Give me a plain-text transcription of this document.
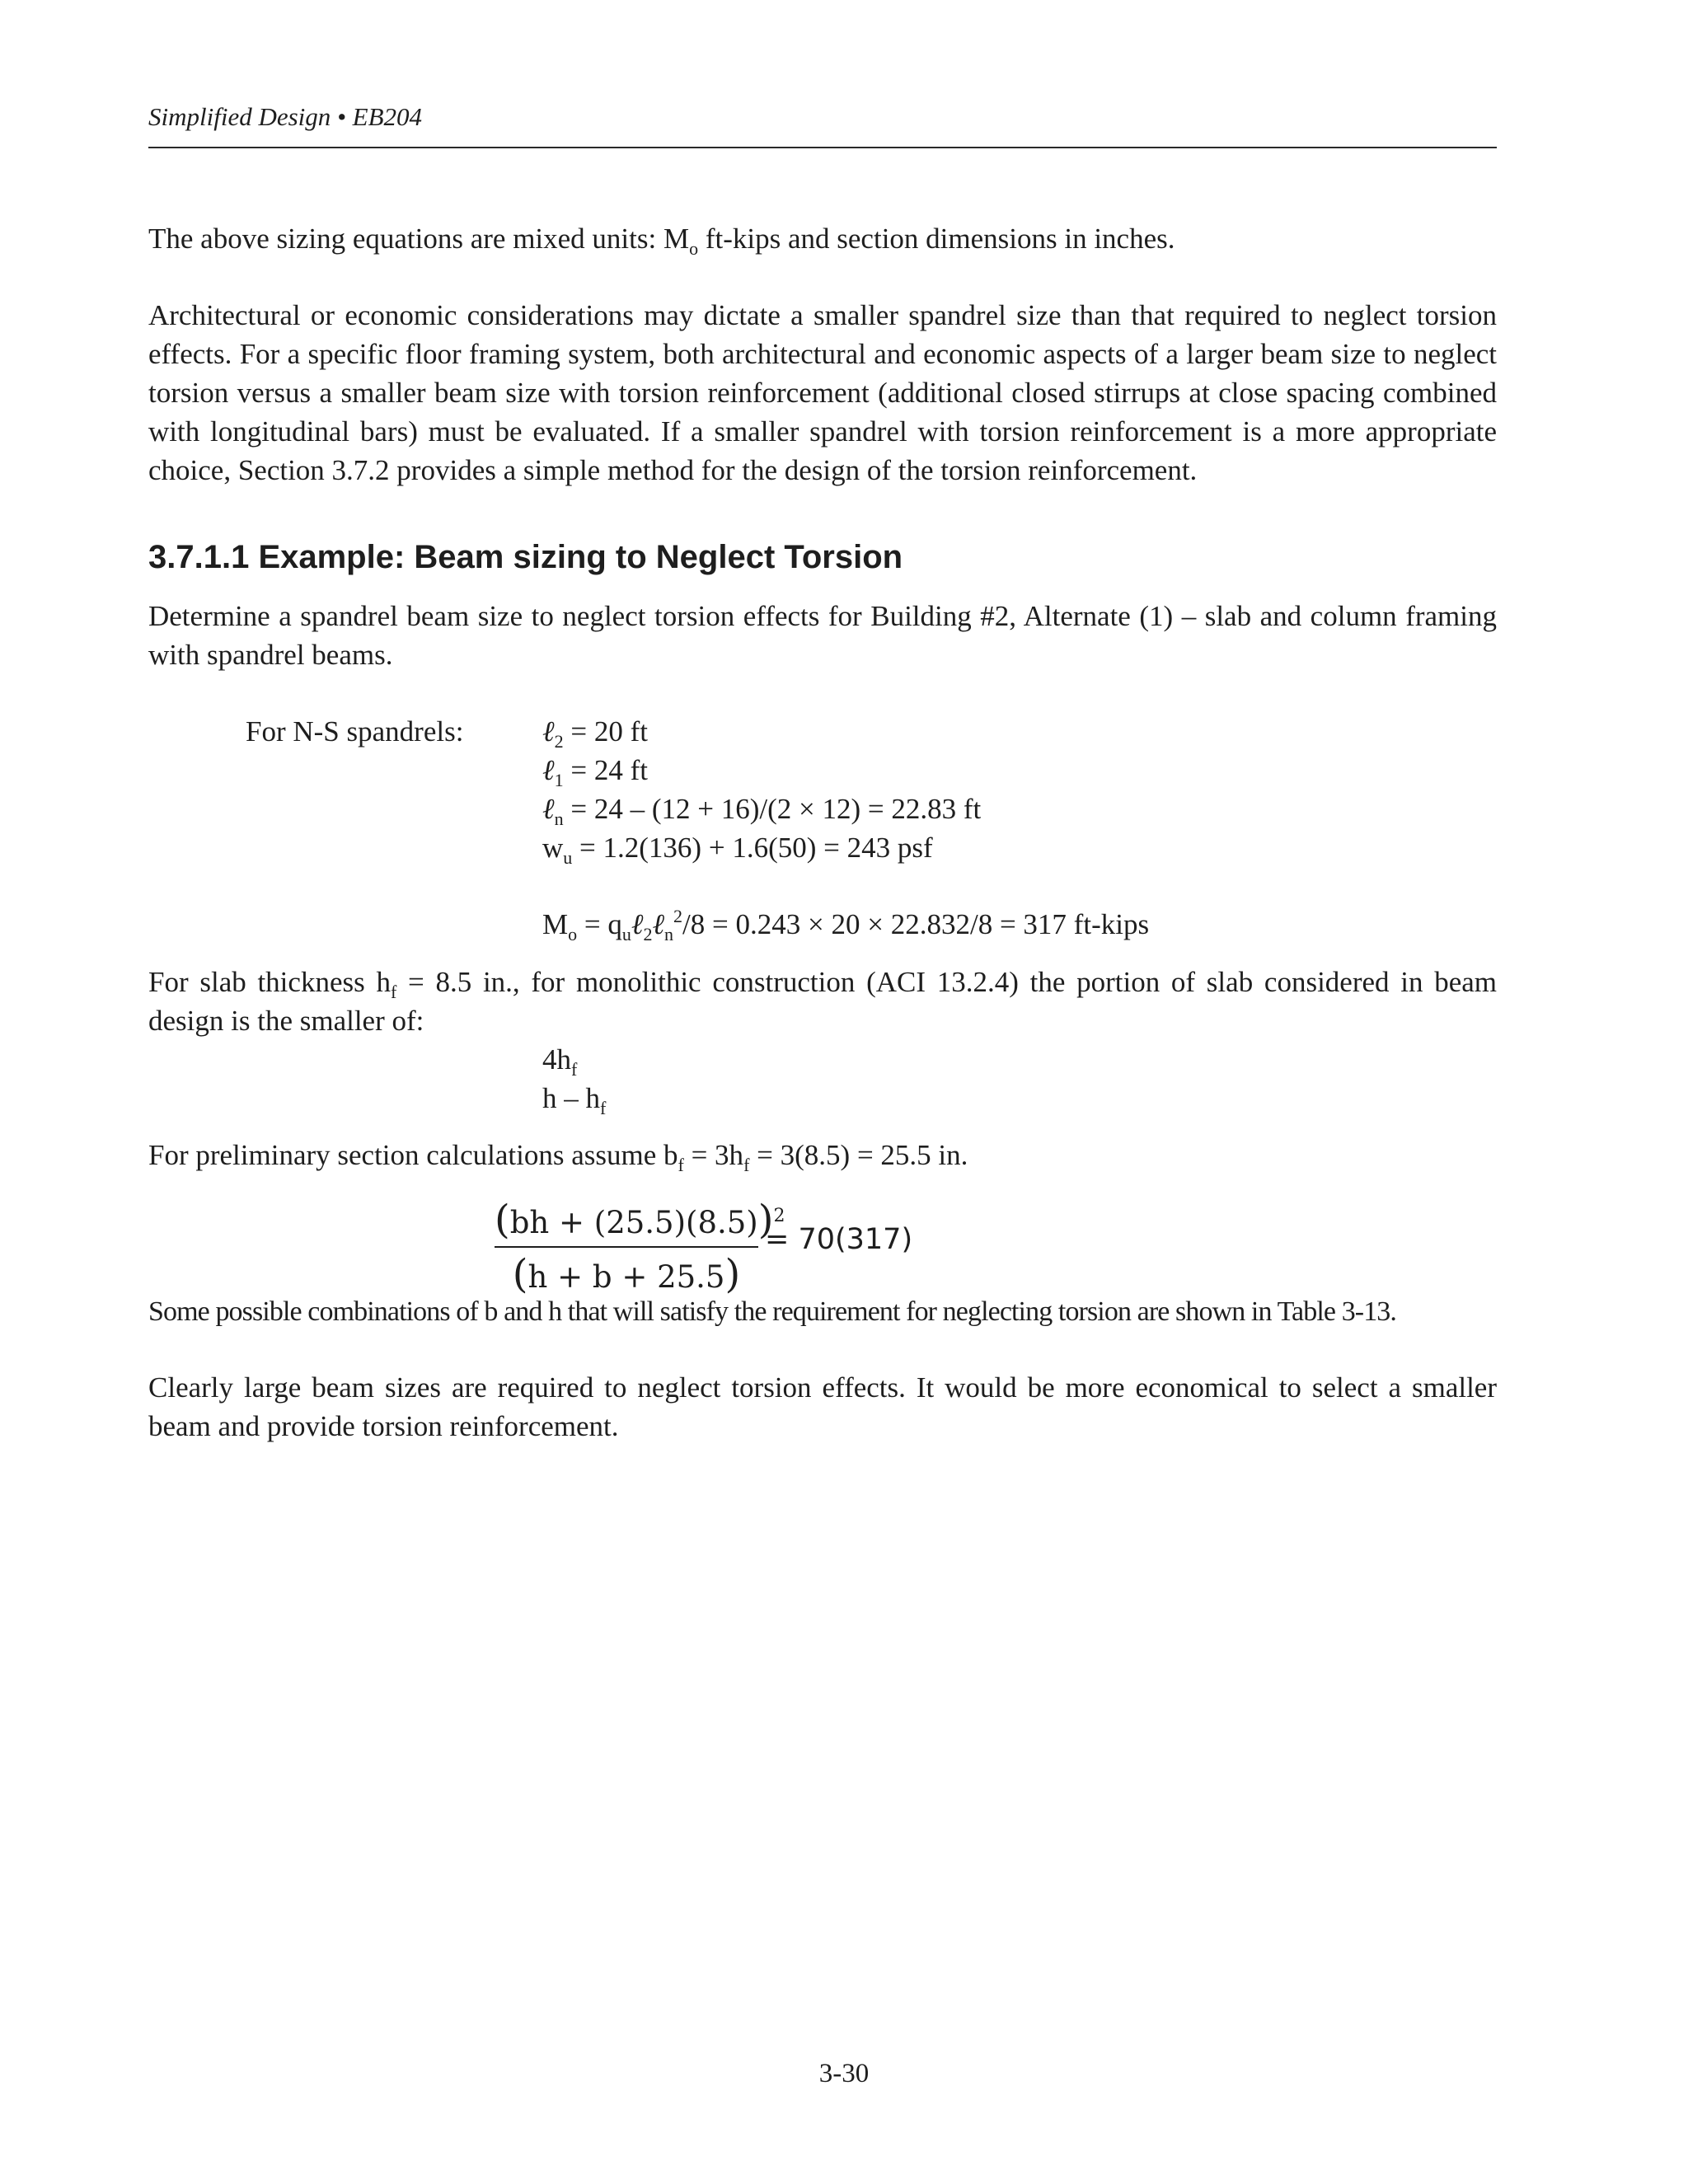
Simplified Design • EB204
The above sizing equations are mixed units: $M_o$ ft-kips and section dimensions in inches.
Architectural or economic considerations may dictate a smaller spandrel size than that required to neglect torsion effects. For a specific floor framing system, both architectural and economic aspects of a larger beam size to neglect torsion versus a smaller beam size with torsion reinforcement (additional closed stirrups at close spacing combined with longitudinal bars) must be evaluated. If a smaller spandrel with torsion reinforcement is a more appropriate choice, Section 3.7.2 provides a simple method for the design of the torsion reinforcement.
3.7.1.1 Example: Beam sizing to Neglect Torsion
Determine a spandrel beam size to neglect torsion effects for Building #2, Alternate (1) – slab and column framing with spandrel beams.
For N-S spandrels:	ℓ$_2$ = 20 ft
ℓ$_1$ = 24 ft
ℓ$_n$ = 24 – (12 + 16)/(2 × 12) = 22.83 ft
$w_u = 1.2(136) + 1.6(50) = 243$ psf
$M_o$ = $q_u\ell_2\ell_n^2/8 = 0.243 \times 20 \times 22.832/8 = 317$ ft-kips
For slab thickness $h_f = 8.5$ in., for monolithic construction (ACI 13.2.4) the portion of slab considered in beam design is the smaller of:
$4h_f$
h – $h_f$
For preliminary section calculations assume $b_f = 3h_f = 3(8.5) = 25.5$ in.
(bh + (25.5)(8.5))$^2$
(h + b + 25.5)
= 70(317)
Some possible combinations of b and h that will satisfy the requirement for neglecting torsion are shown in Table 3-13.
Clearly large beam sizes are required to neglect torsion effects. It would be more economical to select a smaller beam and provide torsion reinforcement.
3-30
